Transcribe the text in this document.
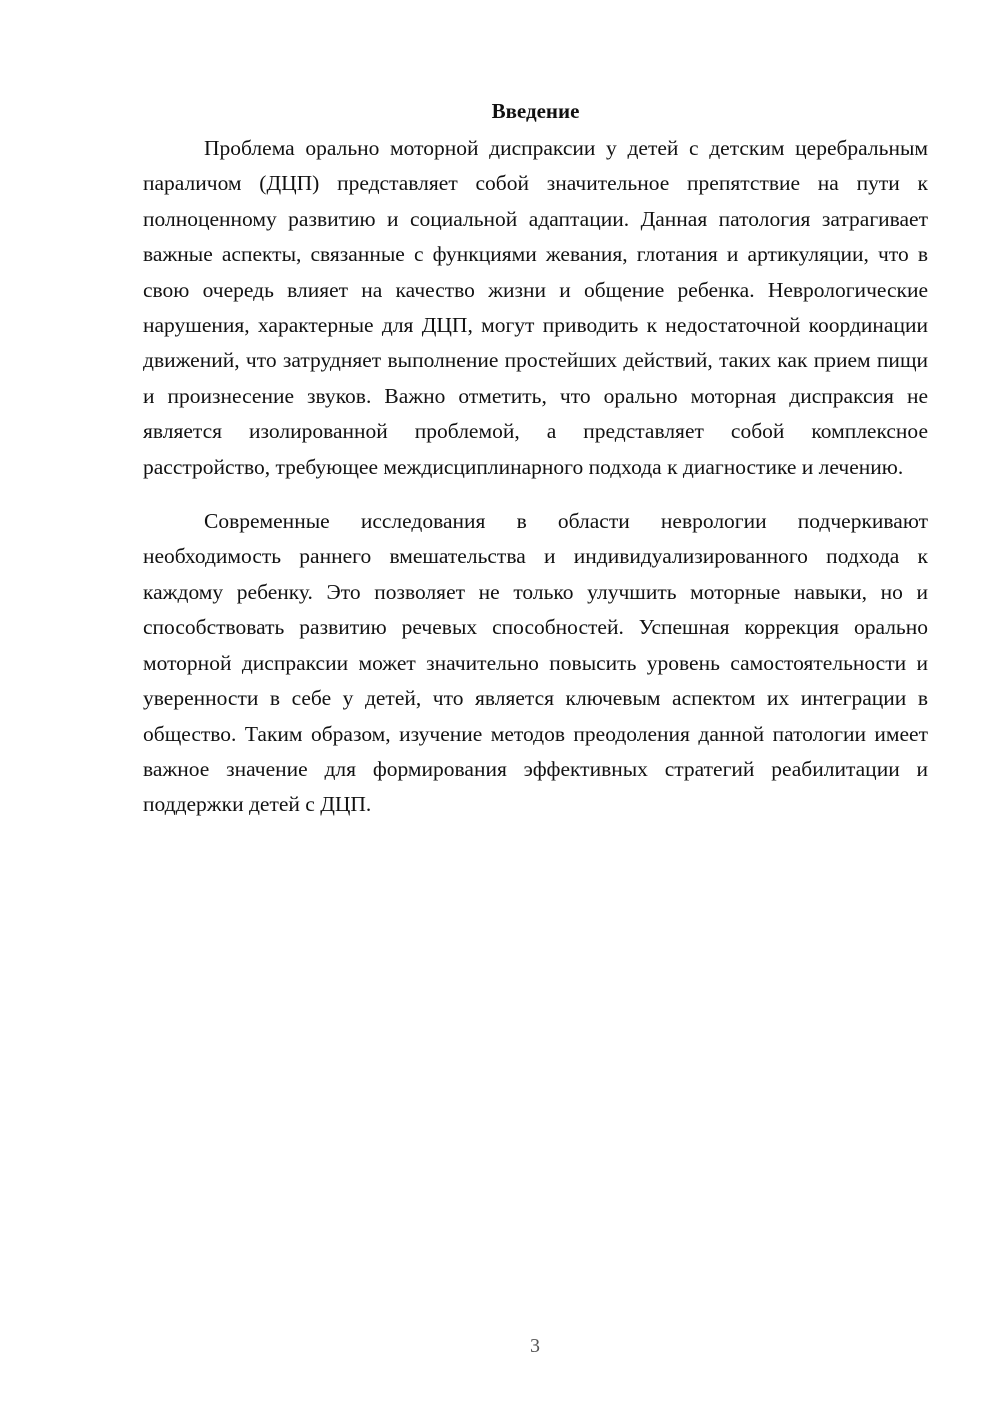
Введение

Проблема орально моторной диспраксии у детей с детским церебральным параличом (ДЦП) представляет собой значительное препятствие на пути к полноценному развитию и социальной адаптации. Данная патология затрагивает важные аспекты, связанные с функциями жевания, глотания и артикуляции, что в свою очередь влияет на качество жизни и общение ребенка. Неврологические нарушения, характерные для ДЦП, могут приводить к недостаточной координации движений, что затрудняет выполнение простейших действий, таких как прием пищи и произнесение звуков. Важно отметить, что орально моторная диспраксия не является изолированной проблемой, а представляет собой комплексное расстройство, требующее междисциплинарного подхода к диагностике и лечению.

Современные исследования в области неврологии подчеркивают необходимость раннего вмешательства и индивидуализированного подхода к каждому ребенку. Это позволяет не только улучшить моторные навыки, но и способствовать развитию речевых способностей. Успешная коррекция орально моторной диспраксии может значительно повысить уровень самостоятельности и уверенности в себе у детей, что является ключевым аспектом их интеграции в общество. Таким образом, изучение методов преодоления данной патологии имеет важное значение для формирования эффективных стратегий реабилитации и поддержки детей с ДЦП.

3
